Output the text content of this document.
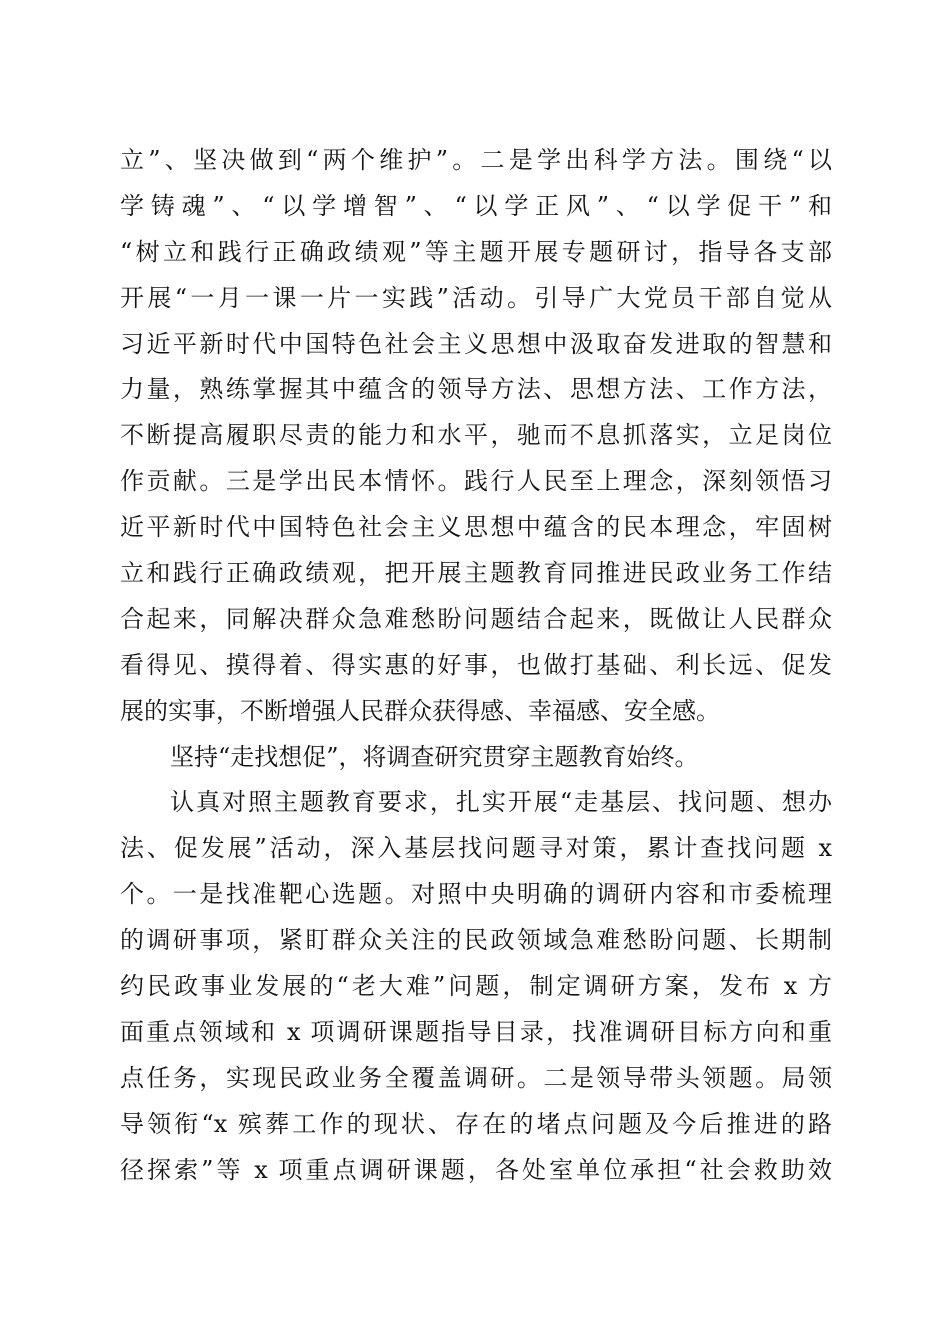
立”、坚决做到“两个维护”。二是学出科学方法。围绕“以
学铸魂”、“以学增智”、“以学正风”、“以学促干”和
“树立和践行正确政绩观”等主题开展专题研讨，指导各支部
开展“一月一课一片一实践”活动。引导广大党员干部自觉从
习近平新时代中国特色社会主义思想中汲取奋发进取的智慧和
力量，熟练掌握其中蕴含的领导方法、思想方法、工作方法，
不断提高履职尽责的能力和水平，驰而不息抓落实，立足岗位
作贡献。三是学出民本情怀。践行人民至上理念，深刻领悟习
近平新时代中国特色社会主义思想中蕴含的民本理念，牢固树
立和践行正确政绩观，把开展主题教育同推进民政业务工作结
合起来，同解决群众急难愁盼问题结合起来，既做让人民群众
看得见、摸得着、得实惠的好事，也做打基础、利长远、促发
展的实事，不断增强人民群众获得感、幸福感、安全感。
坚持“走找想促”，将调查研究贯穿主题教育始终。
认真对照主题教育要求，扎实开展“走基层、找问题、想办
法、促发展”活动，深入基层找问题寻对策，累计查找问题 x
个。一是找准靶心选题。对照中央明确的调研内容和市委梳理
的调研事项，紧盯群众关注的民政领域急难愁盼问题、长期制
约民政事业发展的“老大难”问题，制定调研方案，发布 x 方
面重点领域和 x 项调研课题指导目录，找准调研目标方向和重
点任务，实现民政业务全覆盖调研。二是领导带头领题。局领
导领衔“x 殡葬工作的现状、存在的堵点问题及今后推进的路
径探索”等 x 项重点调研课题，各处室单位承担“社会救助效
